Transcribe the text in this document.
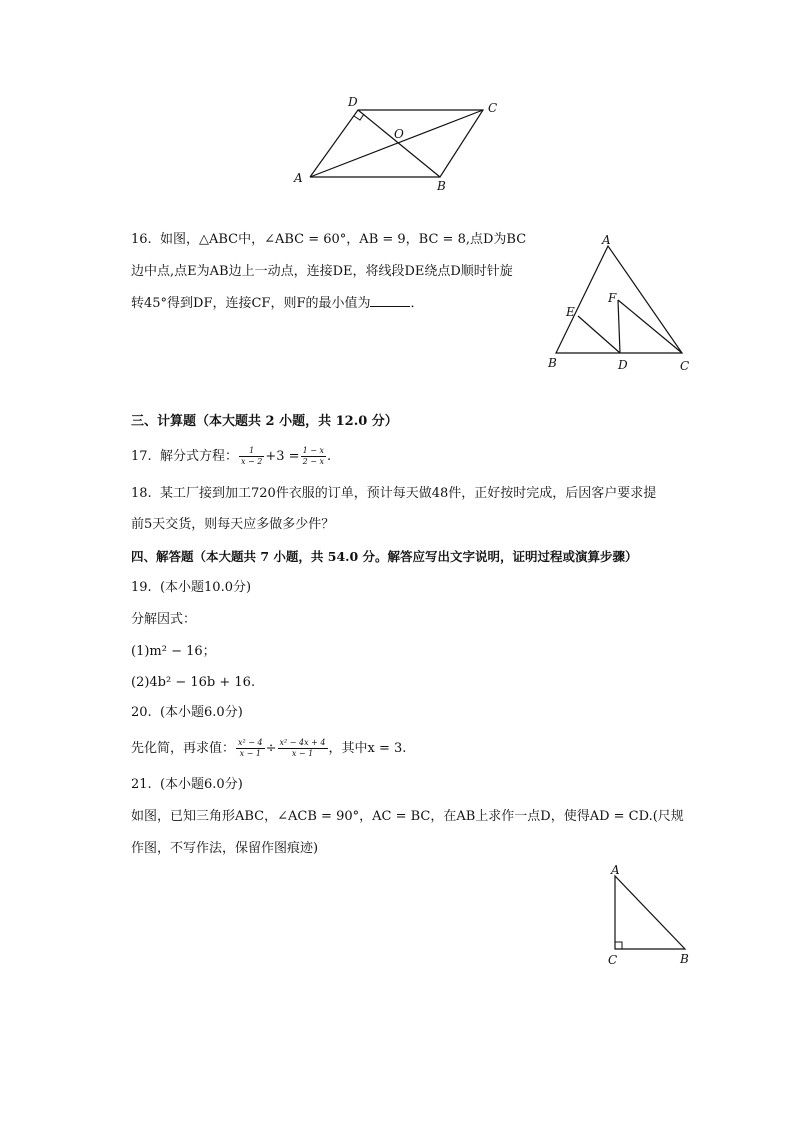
D	C
O
A
B
16. 如图，△ABC中，∠ABC = 60°，AB = 9，BC = 8,点D为BC
边中点,点E为AB边上一动点，连接DE，将线段DE绕点D顺时针旋
转45°得到DF，连接CF，则F的最小值为	．
A
F
E
B	D	C
三、计算题（本大题共 2 小题，共 12.0 分）
17. 解分式方程： $\frac{1}{x - 2} +3 = \frac{1 - x}{2 - x}$ .
18. 某工厂接到加工720件衣服的订单，预计每天做48件，正好按时完成，后因客户要求提
前5天交货，则每天应多做多少件？
四、解答题（本大题共 7 小题，共 54.0 分。解答应写出文字说明，证明过程或演算步骤）
19. (本小题10.0分)
分解因式：
(1)m² − 16；
(2)4b² − 16b + 16.
20. (本小题6.0分)
先化简，再求值： $\frac{\text{x² − 4}}{x - 1} \div \frac{\text{x² − 4x + 4}}{x - 1}$ ，其中x = 3.
21. (本小题6.0分)
如图，已知三角形ABC，∠ACB = 90°，AC = BC，在AB上求作一点D，使得AD = CD.(尺规
作图，不写作法，保留作图痕迹)
A
C	B
